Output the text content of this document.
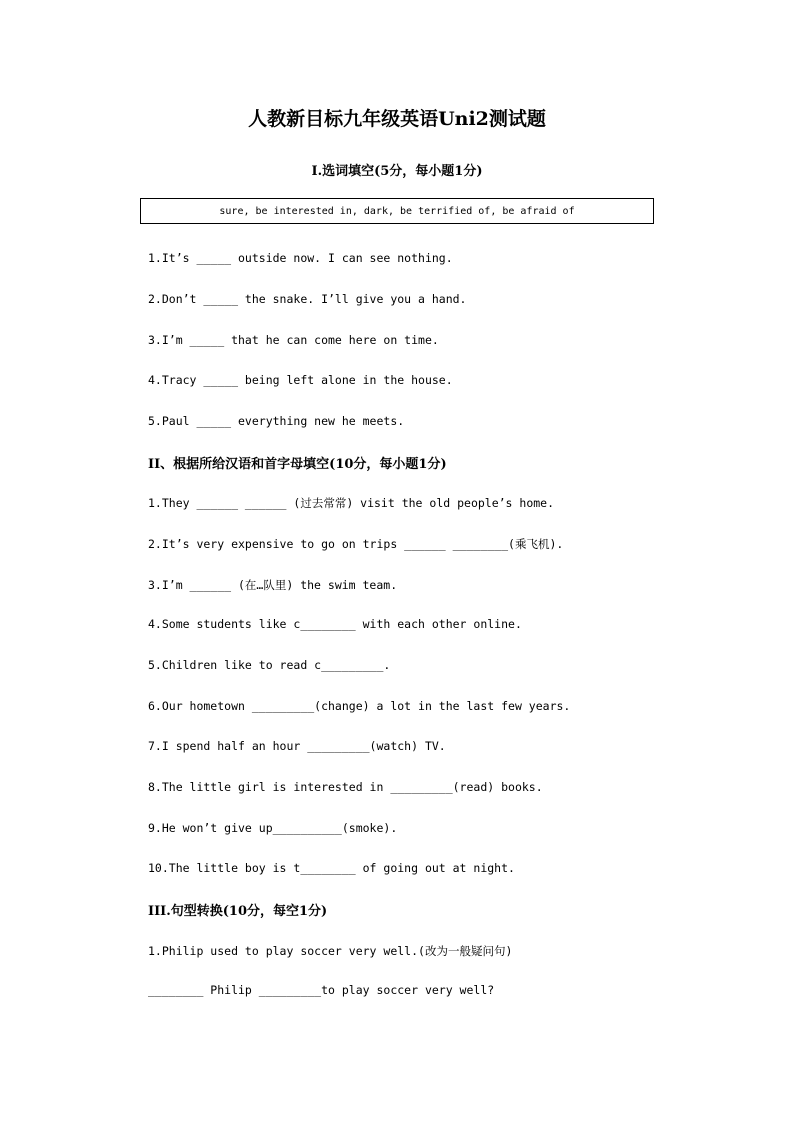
人教新目标九年级英语Uni2测试题
I.选词填空(5分，每小题1分)
sure, be interested in, dark, be terrified of, be afraid of
1.It’s _____ outside now. I can see nothing.
2.Don’t _____ the snake. I’ll give you a hand.
3.I’m _____ that he can come here on time.
4.Tracy _____ being left alone in the house.
5.Paul _____ everything new he meets.
II、根据所给汉语和首字母填空(10分，每小题1分)
1.They ______ ______ (过去常常) visit the old people’s home.
2.It’s very expensive to go on trips ______ ________(乘飞机).
3.I’m ______ (在…队里) the swim team.
4.Some students like c________ with each other online.
5.Children like to read c_________.
6.Our hometown _________(change) a lot in the last few years.
7.I spend half an hour _________(watch) TV.
8.The little girl is interested in _________(read) books.
9.He won’t give up__________(smoke).
10.The little boy is t________ of going out at night.
III.句型转换(10分，每空1分)
1.Philip used to play soccer very well.(改为一般疑问句)
________ Philip _________to play soccer very well?
